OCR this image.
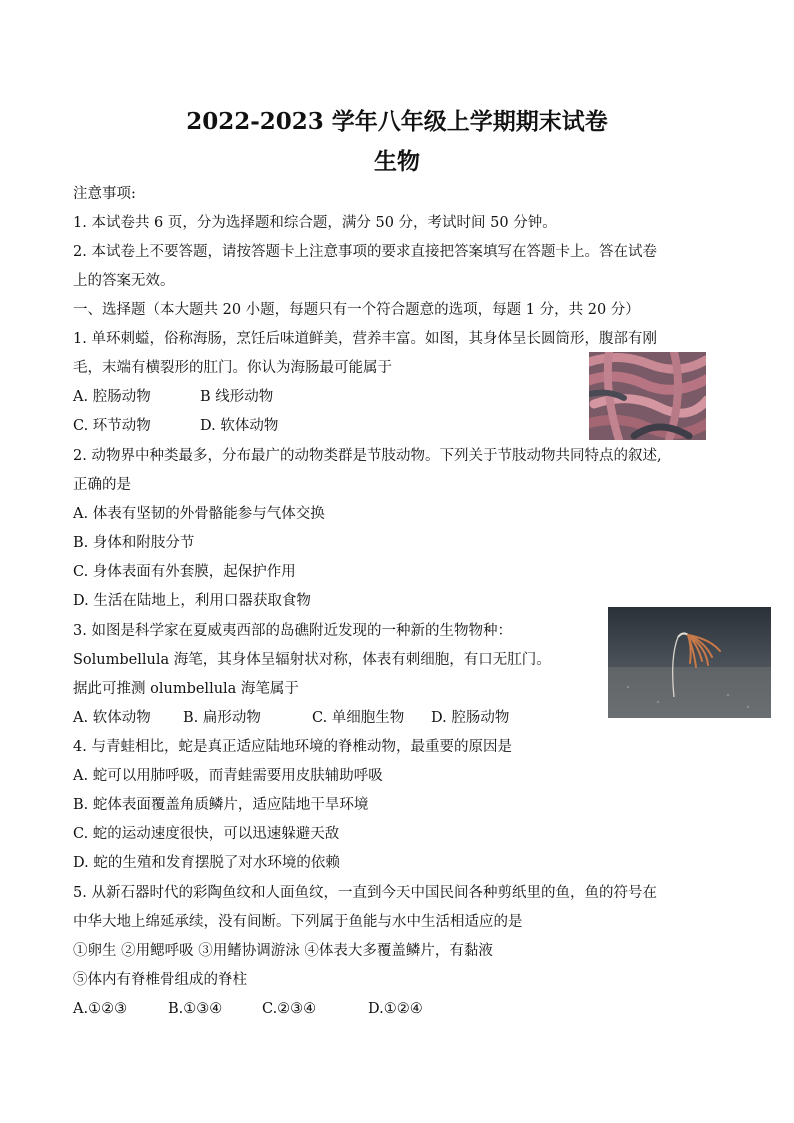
2022-2023 学年八年级上学期期末试卷
生物
注意事项:
1. 本试卷共 6 页，分为选择题和综合题，满分 50 分，考试时间 50 分钟。
2. 本试卷上不要答题，请按答题卡上注意事项的要求直接把答案填写在答题卡上。答在试卷
上的答案无效。
一、选择题（本大题共 20 小题，每题只有一个符合题意的选项，每题 1 分，共 20 分）
1. 单环刺螠，俗称海肠，烹饪后味道鲜美，营养丰富。如图，其身体呈长圆筒形，腹部有刚
毛，末端有横裂形的肛门。你认为海肠最可能属于
A. 腔肠动物	B 线形动物
C. 环节动物	D. 软体动物
2. 动物界中种类最多，分布最广的动物类群是节肢动物。下列关于节肢动物共同特点的叙述,
正确的是
A. 体表有坚韧的外骨骼能参与气体交换
B. 身体和附肢分节
C. 身体表面有外套膜，起保护作用
D. 生活在陆地上，利用口器获取食物
3. 如图是科学家在夏威夷西部的岛礁附近发现的一种新的生物物种：
Solumbellula 海笔，其身体呈辐射状对称，体表有刺细胞，有口无肛门。
据此可推测 olumbellula 海笔属于
A. 软体动物 B. 扁形动物	C. 单细胞生物 D. 腔肠动物
4. 与青蛙相比，蛇是真正适应陆地环境的脊椎动物，最重要的原因是
A. 蛇可以用肺呼吸，而青蛙需要用皮肤辅助呼吸
B. 蛇体表面覆盖角质鳞片，适应陆地干旱环境
C. 蛇的运动速度很快，可以迅速躲避天敌
D. 蛇的生殖和发育摆脱了对水环境的依赖
5. 从新石器时代的彩陶鱼纹和人面鱼纹，一直到今天中国民间各种剪纸里的鱼，鱼的符号在
中华大地上绵延承续，没有间断。下列属于鱼能与水中生活相适应的是
①卵生 ②用鳃呼吸 ③用鳍协调游泳 ④体表大多覆盖鳞片，有黏液
⑤体内有脊椎骨组成的脊柱
A.①②③	B.①③④	C.②③④	D.①②④
